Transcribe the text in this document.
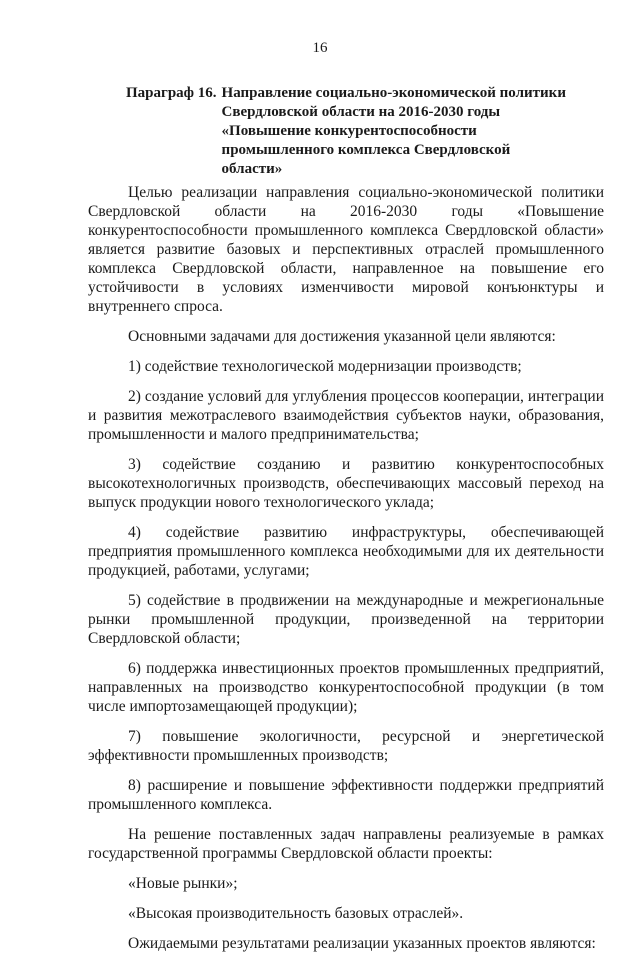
16
Параграф 16. Направление социально-экономической политики Свердловской области на 2016-2030 годы «Повышение конкурентоспособности промышленного комплекса Свердловской области»

Целью реализации направления социально-экономической политики Свердловской области на 2016-2030 годы «Повышение конкурентоспособности промышленного комплекса Свердловской области» является развитие базовых и перспективных отраслей промышленного комплекса Свердловской области, направленное на повышение его устойчивости в условиях изменчивости мировой конъюнктуры и внутреннего спроса.

Основными задачами для достижения указанной цели являются:

1) содействие технологической модернизации производств;

2) создание условий для углубления процессов кооперации, интеграции и развития межотраслевого взаимодействия субъектов науки, образования, промышленности и малого предпринимательства;

3) содействие созданию и развитию конкурентоспособных высокотехнологичных производств, обеспечивающих массовый переход на выпуск продукции нового технологического уклада;

4) содействие развитию инфраструктуры, обеспечивающей предприятия промышленного комплекса необходимыми для их деятельности продукцией, работами, услугами;

5) содействие в продвижении на международные и межрегиональные рынки промышленной продукции, произведенной на территории Свердловской области;

6) поддержка инвестиционных проектов промышленных предприятий, направленных на производство конкурентоспособной продукции (в том числе импортозамещающей продукции);

7) повышение экологичности, ресурсной и энергетической эффективности промышленных производств;

8) расширение и повышение эффективности поддержки предприятий промышленного комплекса.

На решение поставленных задач направлены реализуемые в рамках государственной программы Свердловской области проекты:

«Новые рынки»;

«Высокая производительность базовых отраслей».

Ожидаемыми результатами реализации указанных проектов являются:
